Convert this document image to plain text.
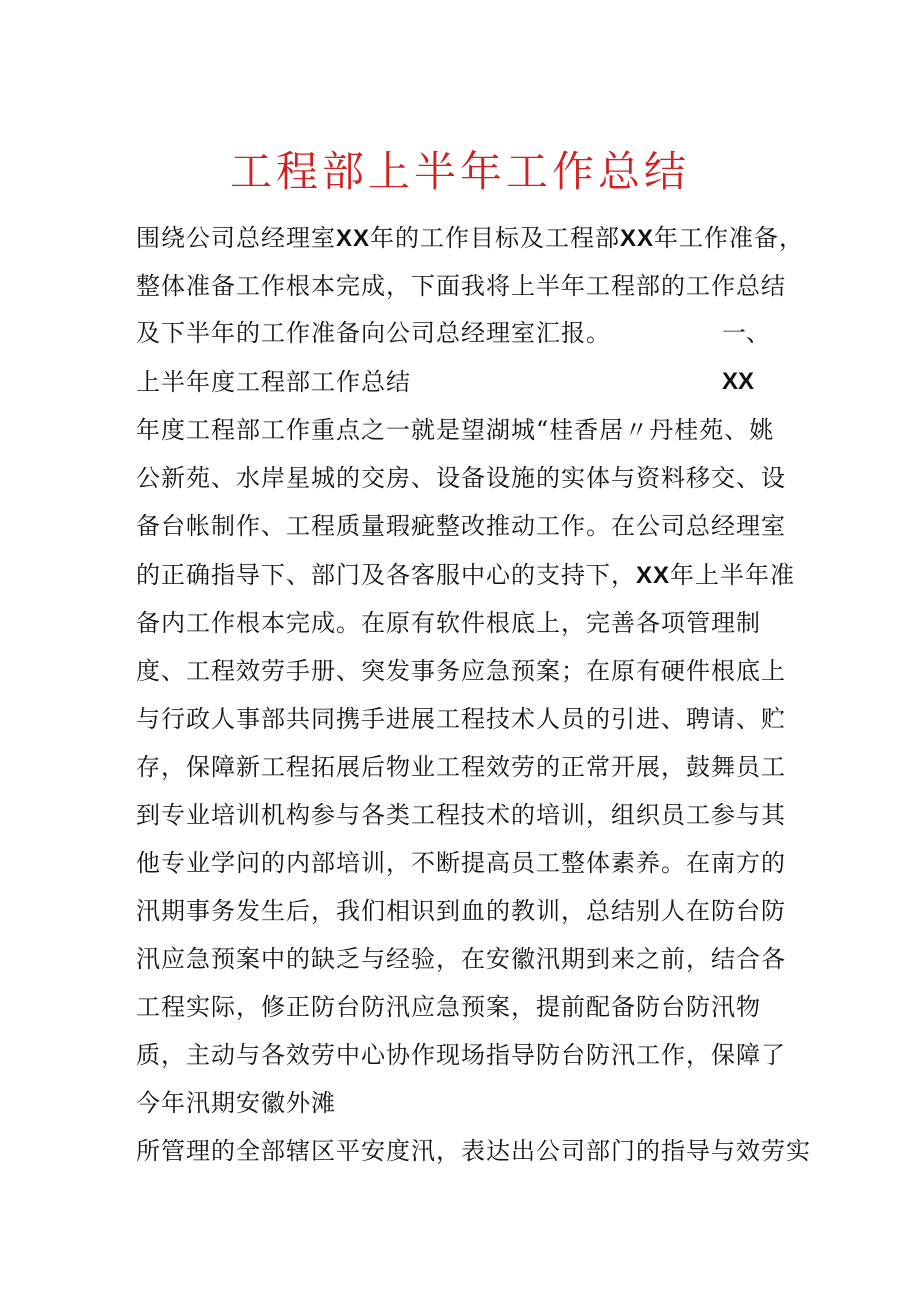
工程部上半年工作总结
围绕公司总经理室XX年的工作目标及工程部XX年工作准备，
整体准备工作根本完成，下面我将上半年工程部的工作总结
及下半年的工作准备向公司总经理室汇报。	一、
上半年度工程部工作总结	XX
年度工程部工作重点之一就是望湖城“桂香居〃丹桂苑、姚
公新苑、水岸星城的交房、设备设施的实体与资料移交、设
备台帐制作、工程质量瑕疵整改推动工作。在公司总经理室
的正确指导下、部门及各客服中心的支持下，XX年上半年准
备内工作根本完成。在原有软件根底上，完善各项管理制
度、工程效劳手册、突发事务应急预案；在原有硬件根底上
与行政人事部共同携手进展工程技术人员的引进、聘请、贮
存，保障新工程拓展后物业工程效劳的正常开展，鼓舞员工
到专业培训机构参与各类工程技术的培训，组织员工参与其
他专业学问的内部培训，不断提高员工整体素养。在南方的
汛期事务发生后，我们相识到血的教训，总结别人在防台防
汛应急预案中的缺乏与经验，在安徽汛期到来之前，结合各
工程实际，修正防台防汛应急预案，提前配备防台防汛物
质，主动与各效劳中心协作现场指导防台防汛工作，保障了
今年汛期安徽外滩
所管理的全部辖区平安度汛，表达出公司部门的指导与效劳实
